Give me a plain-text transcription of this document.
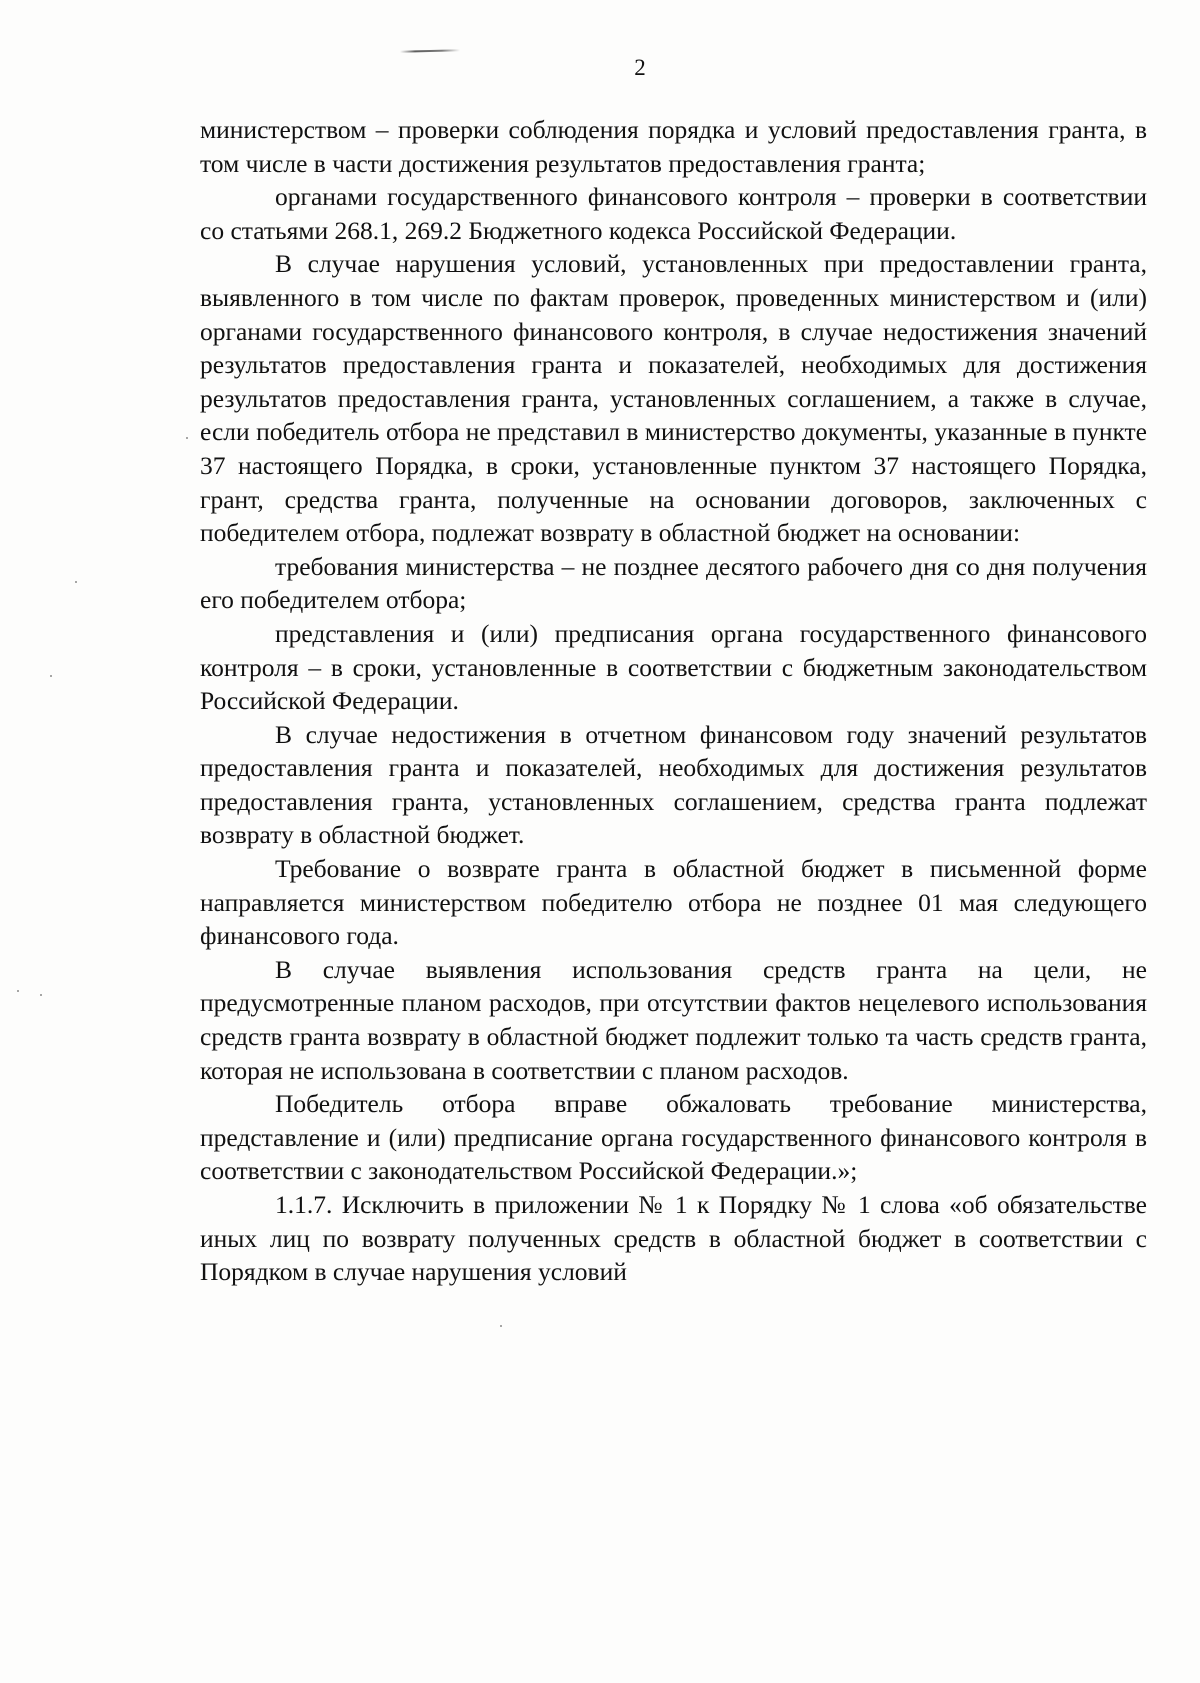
2

министерством – проверки соблюдения порядка и условий предоставления гранта, в том числе в части достижения результатов предоставления гранта;

органами государственного финансового контроля – проверки в соответствии со статьями 268.1, 269.2 Бюджетного кодекса Российской Федерации.

В случае нарушения условий, установленных при предоставлении гранта, выявленного в том числе по фактам проверок, проведенных министерством и (или) органами государственного финансового контроля, в случае недостижения значений результатов предоставления гранта и показателей, необходимых для достижения результатов предоставления гранта, установленных соглашением, а также в случае, если победитель отбора не представил в министерство документы, указанные в пункте 37 настоящего Порядка, в сроки, установленные пунктом 37 настоящего Порядка, грант, средства гранта, полученные на основании договоров, заключенных с победителем отбора, подлежат возврату в областной бюджет на основании:

требования министерства – не позднее десятого рабочего дня со дня получения его победителем отбора;

представления и (или) предписания органа государственного финансового контроля – в сроки, установленные в соответствии с бюджетным законодательством Российской Федерации.

В случае недостижения в отчетном финансовом году значений результатов предоставления гранта и показателей, необходимых для достижения результатов предоставления гранта, установленных соглашением, средства гранта подлежат возврату в областной бюджет.

Требование о возврате гранта в областной бюджет в письменной форме направляется министерством победителю отбора не позднее 01 мая следующего финансового года.

В случае выявления использования средств гранта на цели, не предусмотренные планом расходов, при отсутствии фактов нецелевого использования средств гранта возврату в областной бюджет подлежит только та часть средств гранта, которая не использована в соответствии с планом расходов.

Победитель отбора вправе обжаловать требование министерства, представление и (или) предписание органа государственного финансового контроля в соответствии с законодательством Российской Федерации.»;

1.1.7. Исключить в приложении № 1 к Порядку № 1 слова «об обязательстве иных лиц по возврату полученных средств в областной бюджет в соответствии с Порядком в случае нарушения условий
